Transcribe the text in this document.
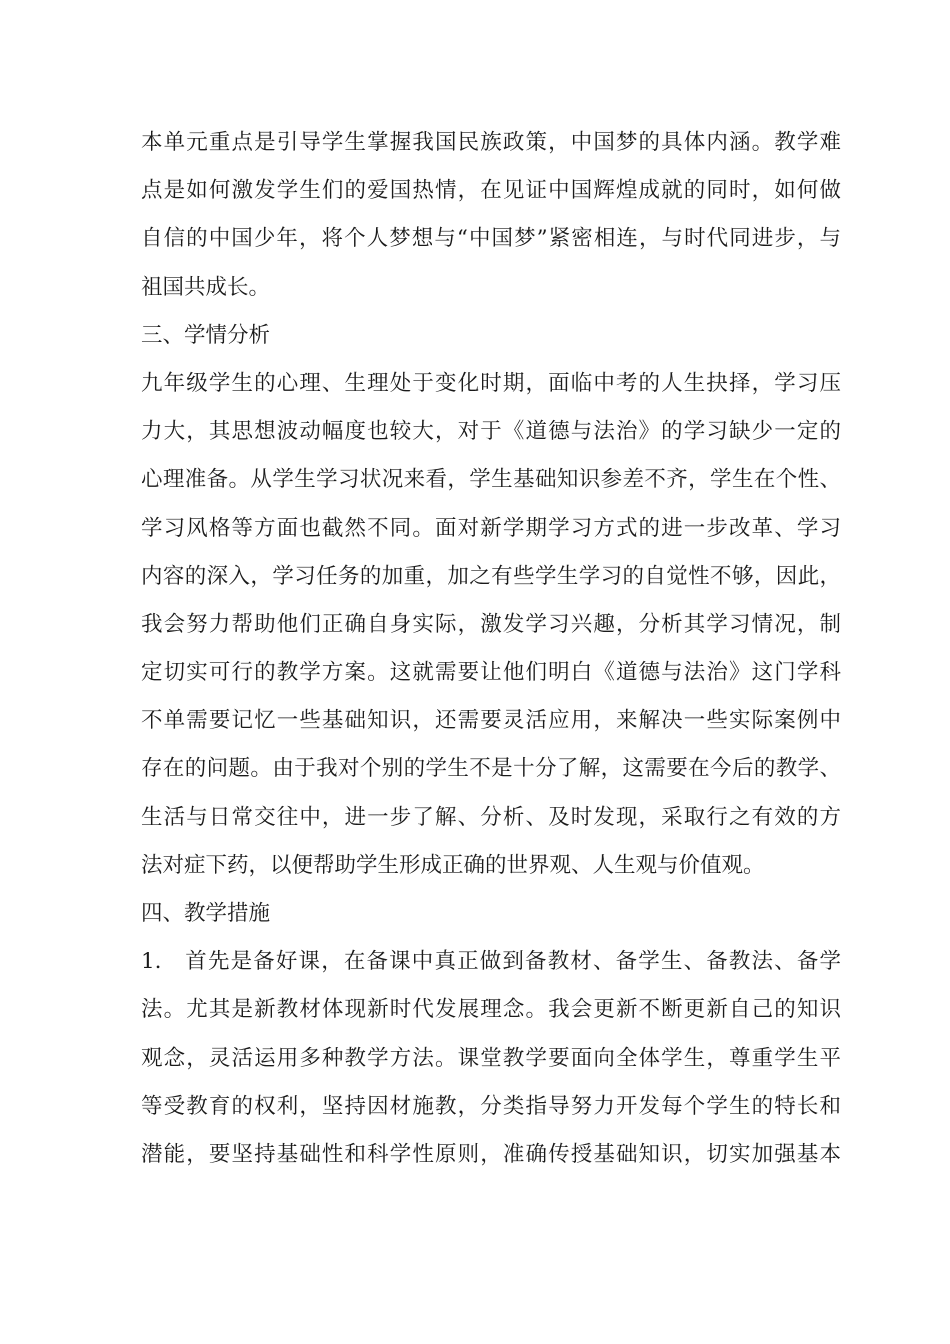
本单元重点是引导学生掌握我国民族政策，中国梦的具体内涵。教学难
点是如何激发学生们的爱国热情，在见证中国辉煌成就的同时，如何做
自信的中国少年，将个人梦想与“中国梦”紧密相连，与时代同进步，与
祖国共成长。
三、学情分析
九年级学生的心理、生理处于变化时期，面临中考的人生抉择，学习压
力大，其思想波动幅度也较大，对于《道德与法治》的学习缺少一定的
心理准备。从学生学习状况来看，学生基础知识参差不齐，学生在个性、
学习风格等方面也截然不同。面对新学期学习方式的进一步改革、学习
内容的深入，学习任务的加重，加之有些学生学习的自觉性不够，因此，
我会努力帮助他们正确自身实际，激发学习兴趣，分析其学习情况，制
定切实可行的教学方案。这就需要让他们明白《道德与法治》这门学科
不单需要记忆一些基础知识，还需要灵活应用，来解决一些实际案例中
存在的问题。由于我对个别的学生不是十分了解，这需要在今后的教学、
生活与日常交往中，进一步了解、分析、及时发现，采取行之有效的方
法对症下药，以便帮助学生形成正确的世界观、人生观与价值观。
四、教学措施
1.　首先是备好课，在备课中真正做到备教材、备学生、备教法、备学
法。尤其是新教材体现新时代发展理念。我会更新不断更新自己的知识
观念，灵活运用多种教学方法。课堂教学要面向全体学生，尊重学生平
等受教育的权利，坚持因材施教，分类指导努力开发每个学生的特长和
潜能，要坚持基础性和科学性原则，准确传授基础知识，切实加强基本
